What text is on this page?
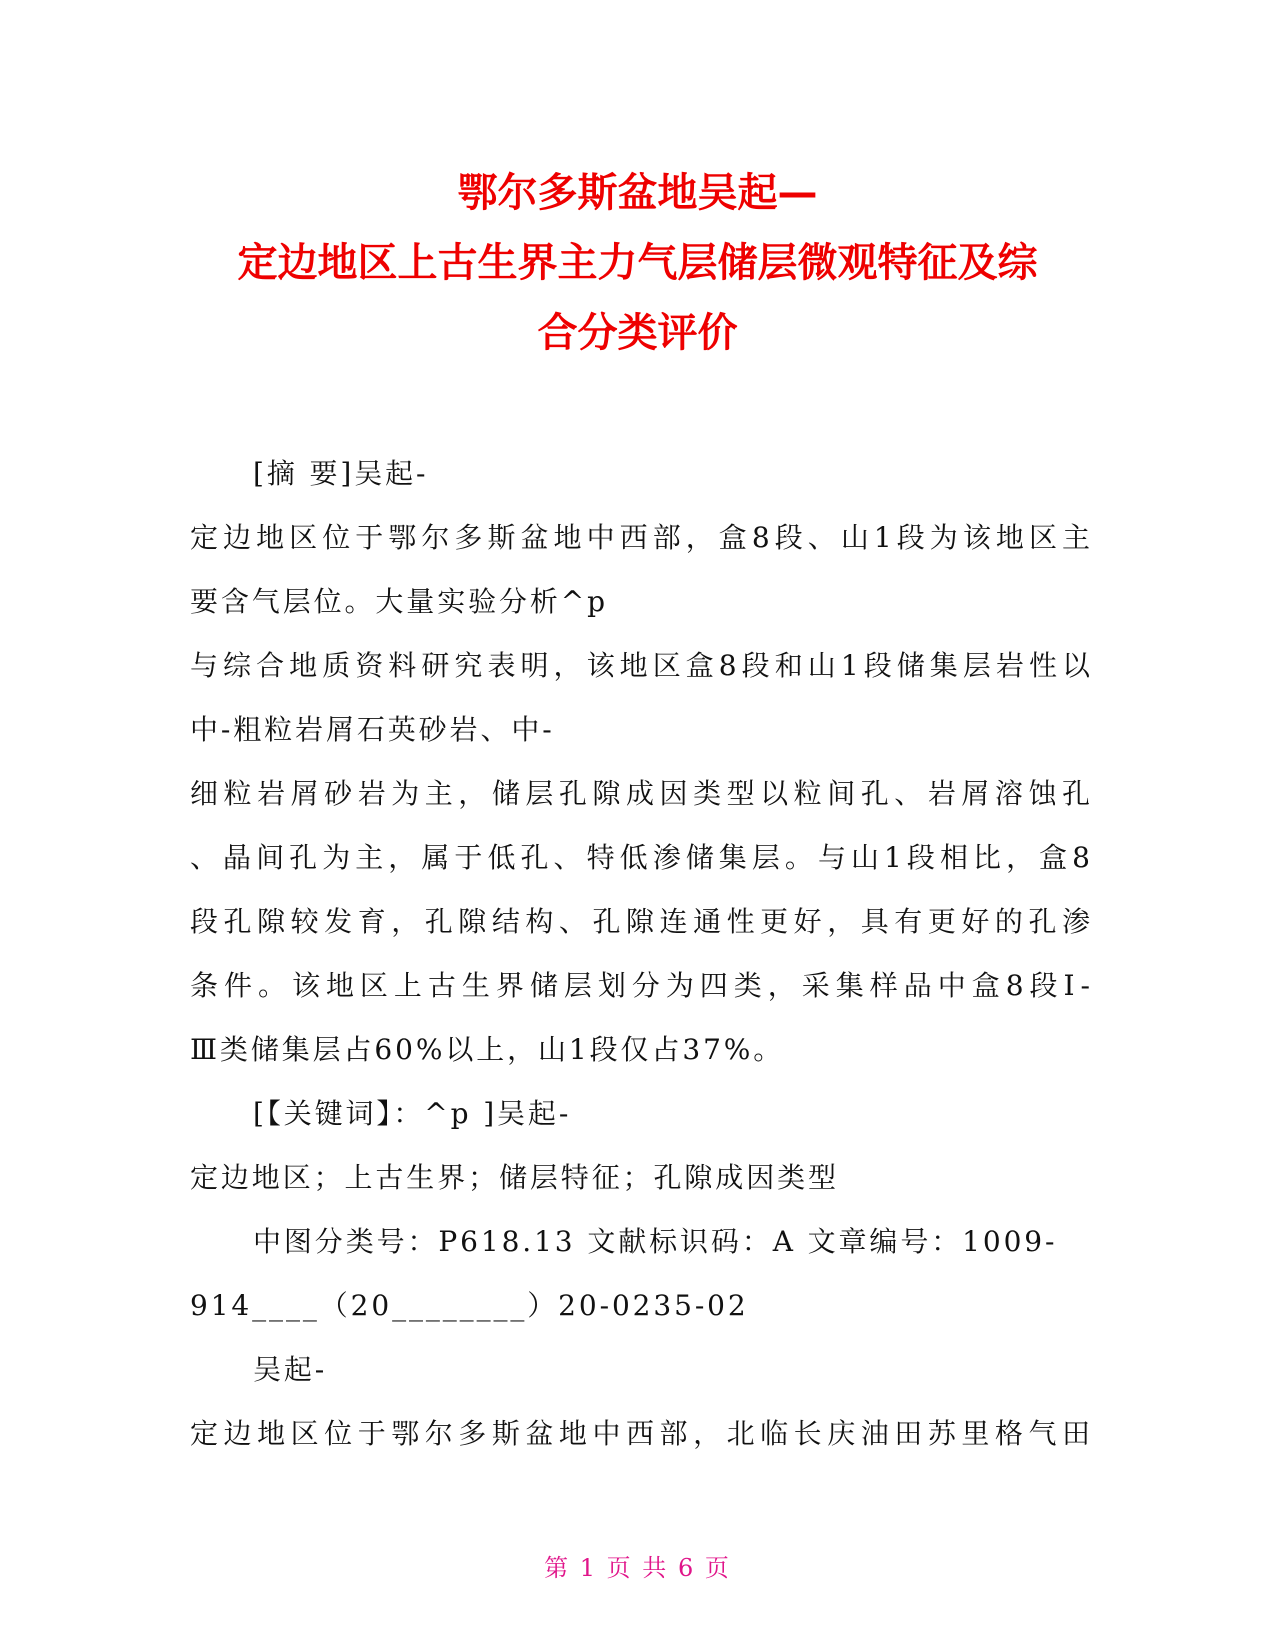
鄂尔多斯盆地吴起—
定边地区上古生界主力气层储层微观特征及综
合分类评价
[摘 要]吴起-
定边地区位于鄂尔多斯盆地中西部，盒8段、山1段为该地区主
要含气层位。大量实验分析^p
与综合地质资料研究表明，该地区盒8段和山1段储集层岩性以
中-粗粒岩屑石英砂岩、中-
细粒岩屑砂岩为主，储层孔隙成因类型以粒间孔、岩屑溶蚀孔
、晶间孔为主，属于低孔、特低渗储集层。与山1段相比，盒8
段孔隙较发育，孔隙结构、孔隙连通性更好，具有更好的孔渗
条件。该地区上古生界储层划分为四类，采集样品中盒8段Ⅰ-
Ⅲ类储集层占60%以上，山1段仅占37%。
[【关键词】：^p ]吴起-
定边地区；上古生界；储层特征；孔隙成因类型
中图分类号：P618.13 文献标识码：A 文章编号：1009-
914____（20________）20-0235-02
吴起-
定边地区位于鄂尔多斯盆地中西部，北临长庆油田苏里格气田
第 1 页 共 6 页
